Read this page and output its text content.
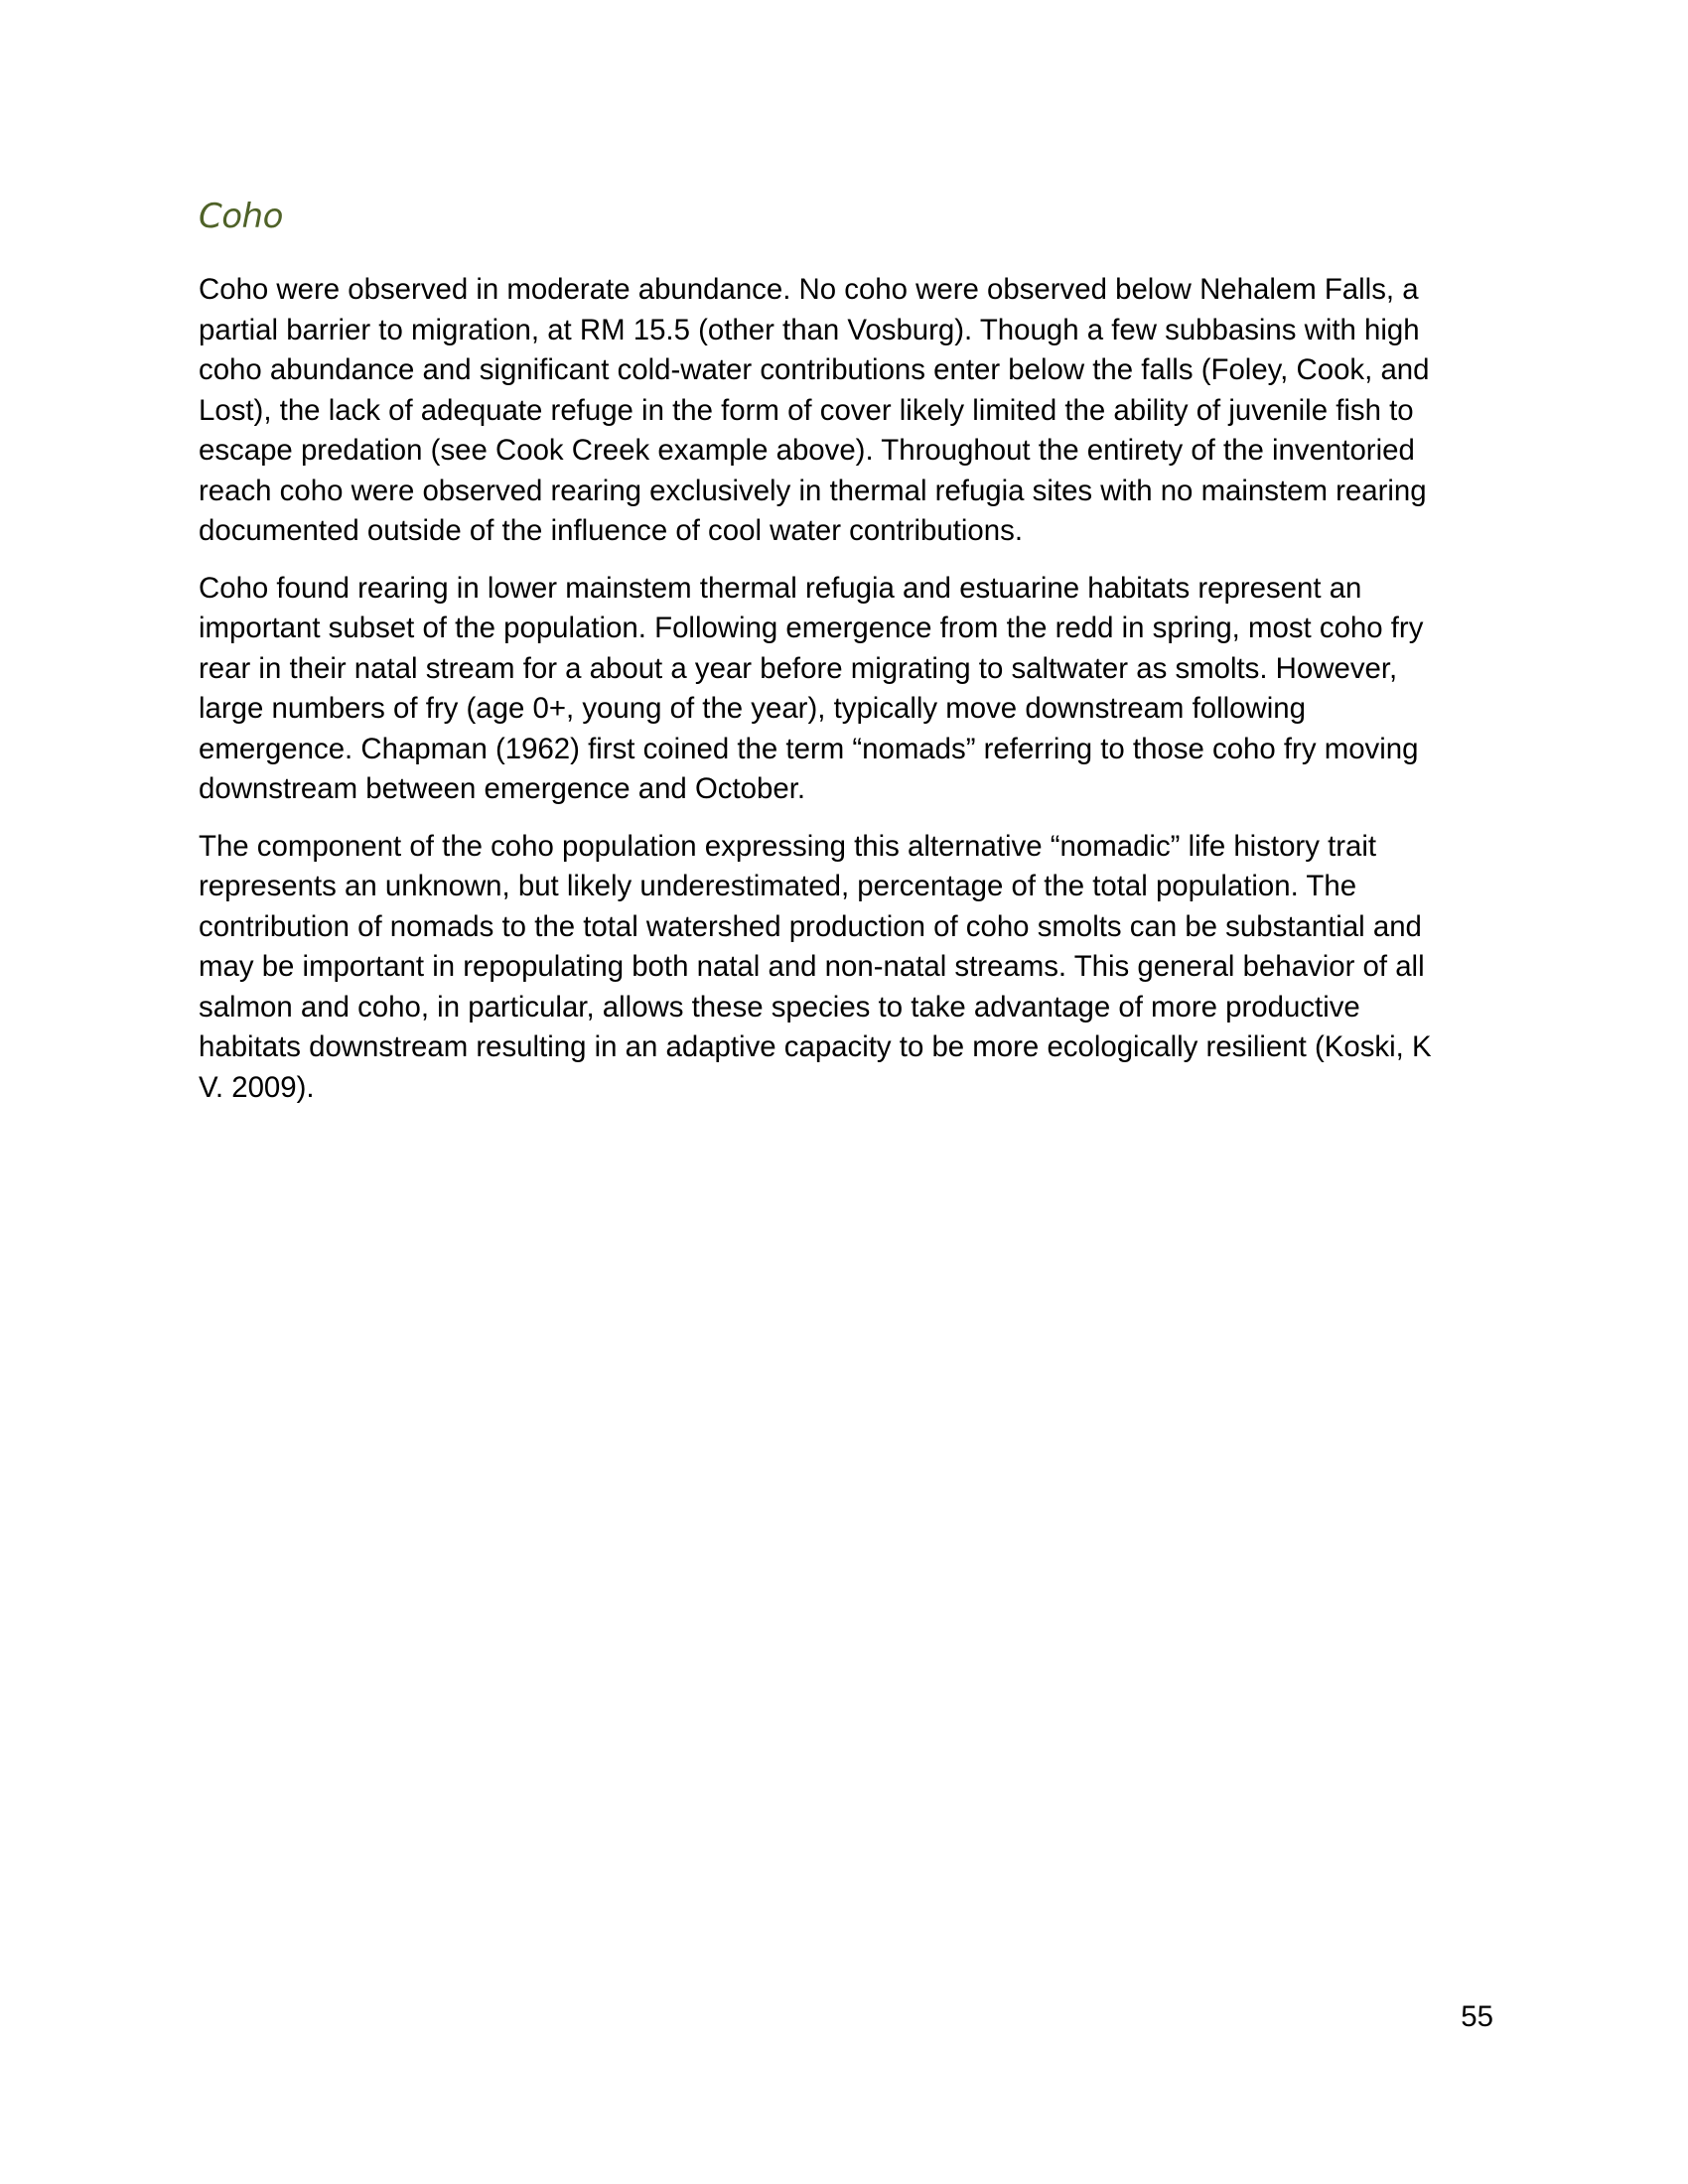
Coho

Coho were observed in moderate abundance. No coho were observed below Nehalem Falls, a
partial barrier to migration, at RM 15.5 (other than Vosburg). Though a few subbasins with high
coho abundance and significant cold-water contributions enter below the falls (Foley, Cook, and
Lost), the lack of adequate refuge in the form of cover likely limited the ability of juvenile fish to
escape predation (see Cook Creek example above). Throughout the entirety of the inventoried
reach coho were observed rearing exclusively in thermal refugia sites with no mainstem rearing
documented outside of the influence of cool water contributions.

Coho found rearing in lower mainstem thermal refugia and estuarine habitats represent an
important subset of the population. Following emergence from the redd in spring, most coho fry
rear in their natal stream for a about a year before migrating to saltwater as smolts. However,
large numbers of fry (age 0+, young of the year), typically move downstream following
emergence. Chapman (1962) first coined the term “nomads” referring to those coho fry moving
downstream between emergence and October.

The component of the coho population expressing this alternative “nomadic” life history trait
represents an unknown, but likely underestimated, percentage of the total population. The
contribution of nomads to the total watershed production of coho smolts can be substantial and
may be important in repopulating both natal and non-natal streams. This general behavior of all
salmon and coho, in particular, allows these species to take advantage of more productive
habitats downstream resulting in an adaptive capacity to be more ecologically resilient (Koski, K
V. 2009).

55
